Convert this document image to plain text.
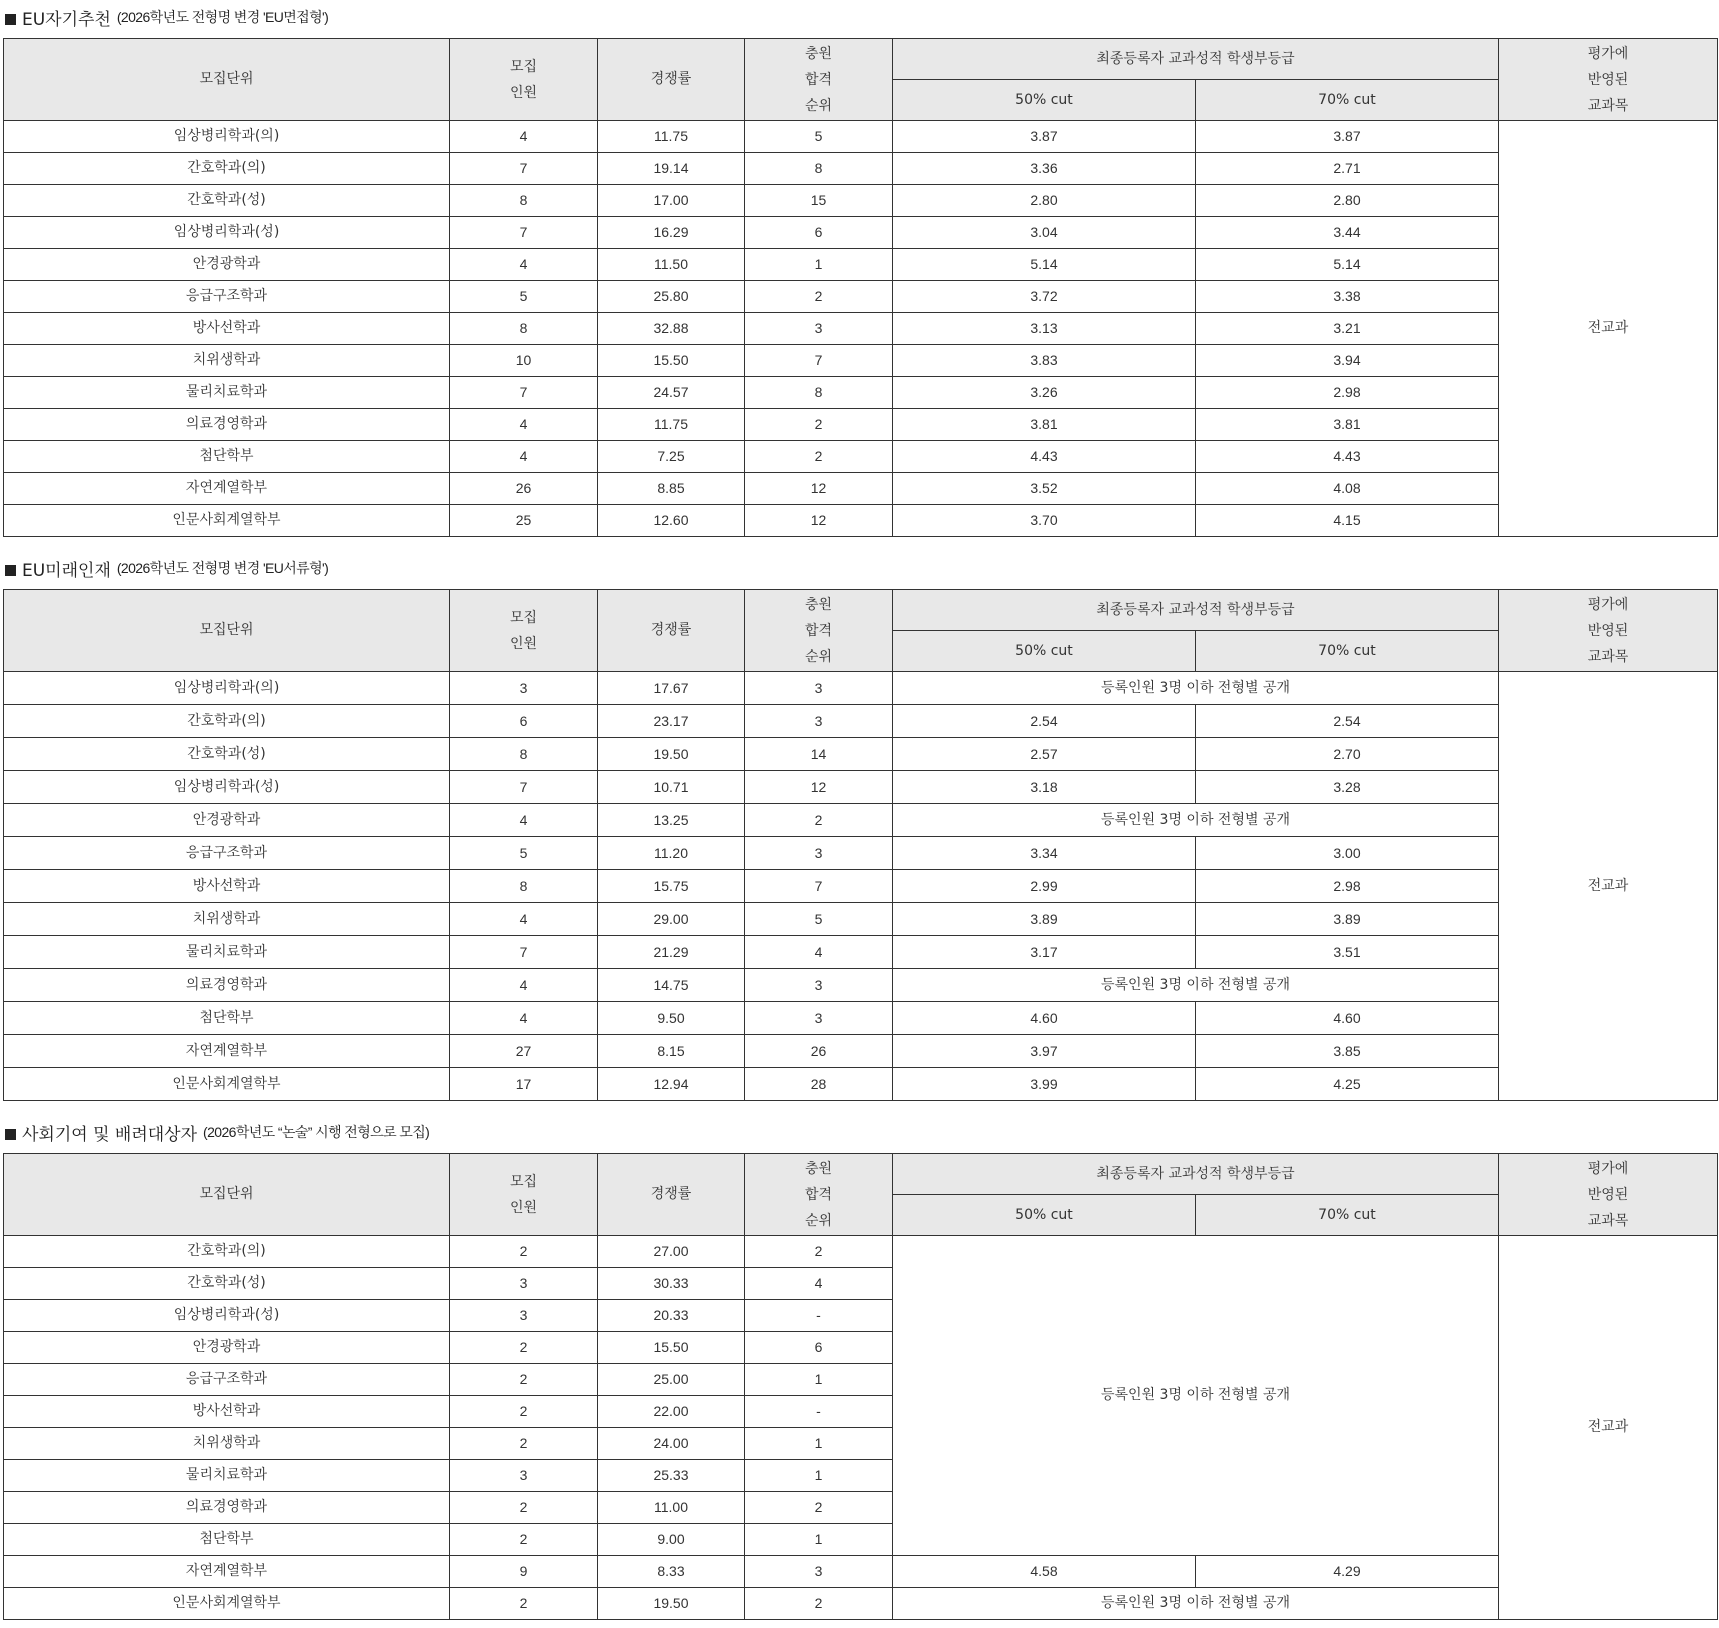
EU자기추천 (2026학년도 전형명 변경 'EU면접형')
모집단위	모집
인원	경쟁률	충원
합격
순위	최종등록자 교과성적 학생부등급		평가에
반영된
교과목
				50% cut	70% cut	
임상병리학과(의)	4	11.75	5	3.87	3.87	전교과
간호학과(의)	7	19.14	8	3.36	2.71	
간호학과(성)	8	17.00	15	2.80	2.80	
임상병리학과(성)	7	16.29	6	3.04	3.44	
안경광학과	4	11.50	1	5.14	5.14	
응급구조학과	5	25.80	2	3.72	3.38	
방사선학과	8	32.88	3	3.13	3.21	
치위생학과	10	15.50	7	3.83	3.94	
물리치료학과	7	24.57	8	3.26	2.98	
의료경영학과	4	11.75	2	3.81	3.81	
첨단학부	4	7.25	2	4.43	4.43	
자연계열학부	26	8.85	12	3.52	4.08	
인문사회계열학부	25	12.60	12	3.70	4.15	
EU미래인재 (2026학년도 전형명 변경 'EU서류형')
모집단위	모집
인원	경쟁률	충원
합격
순위	최종등록자 교과성적 학생부등급		평가에
반영된
교과목
				50% cut	70% cut	
임상병리학과(의)	3	17.67	3	등록인원 3명 이하 전형별 공개		전교과
간호학과(의)	6	23.17	3	2.54	2.54	
간호학과(성)	8	19.50	14	2.57	2.70	
임상병리학과(성)	7	10.71	12	3.18	3.28	
안경광학과	4	13.25	2	등록인원 3명 이하 전형별 공개		
응급구조학과	5	11.20	3	3.34	3.00	
방사선학과	8	15.75	7	2.99	2.98	
치위생학과	4	29.00	5	3.89	3.89	
물리치료학과	7	21.29	4	3.17	3.51	
의료경영학과	4	14.75	3	등록인원 3명 이하 전형별 공개		
첨단학부	4	9.50	3	4.60	4.60	
자연계열학부	27	8.15	26	3.97	3.85	
인문사회계열학부	17	12.94	28	3.99	4.25	
사회기여 및 배려대상자 (2026학년도 “논술” 시행 전형으로 모집)
모집단위	모집
인원	경쟁률	충원
합격
순위	최종등록자 교과성적 학생부등급		평가에
반영된
교과목
				50% cut	70% cut	
간호학과(의)	2	27.00	2	등록인원 3명 이하 전형별 공개		전교과
간호학과(성)	3	30.33	4			
임상병리학과(성)	3	20.33	-			
안경광학과	2	15.50	6			
응급구조학과	2	25.00	1			
방사선학과	2	22.00	-			
치위생학과	2	24.00	1			
물리치료학과	3	25.33	1			
의료경영학과	2	11.00	2			
첨단학부	2	9.00	1			
자연계열학부	9	8.33	3	4.58	4.29	
인문사회계열학부	2	19.50	2	등록인원 3명 이하 전형별 공개		
